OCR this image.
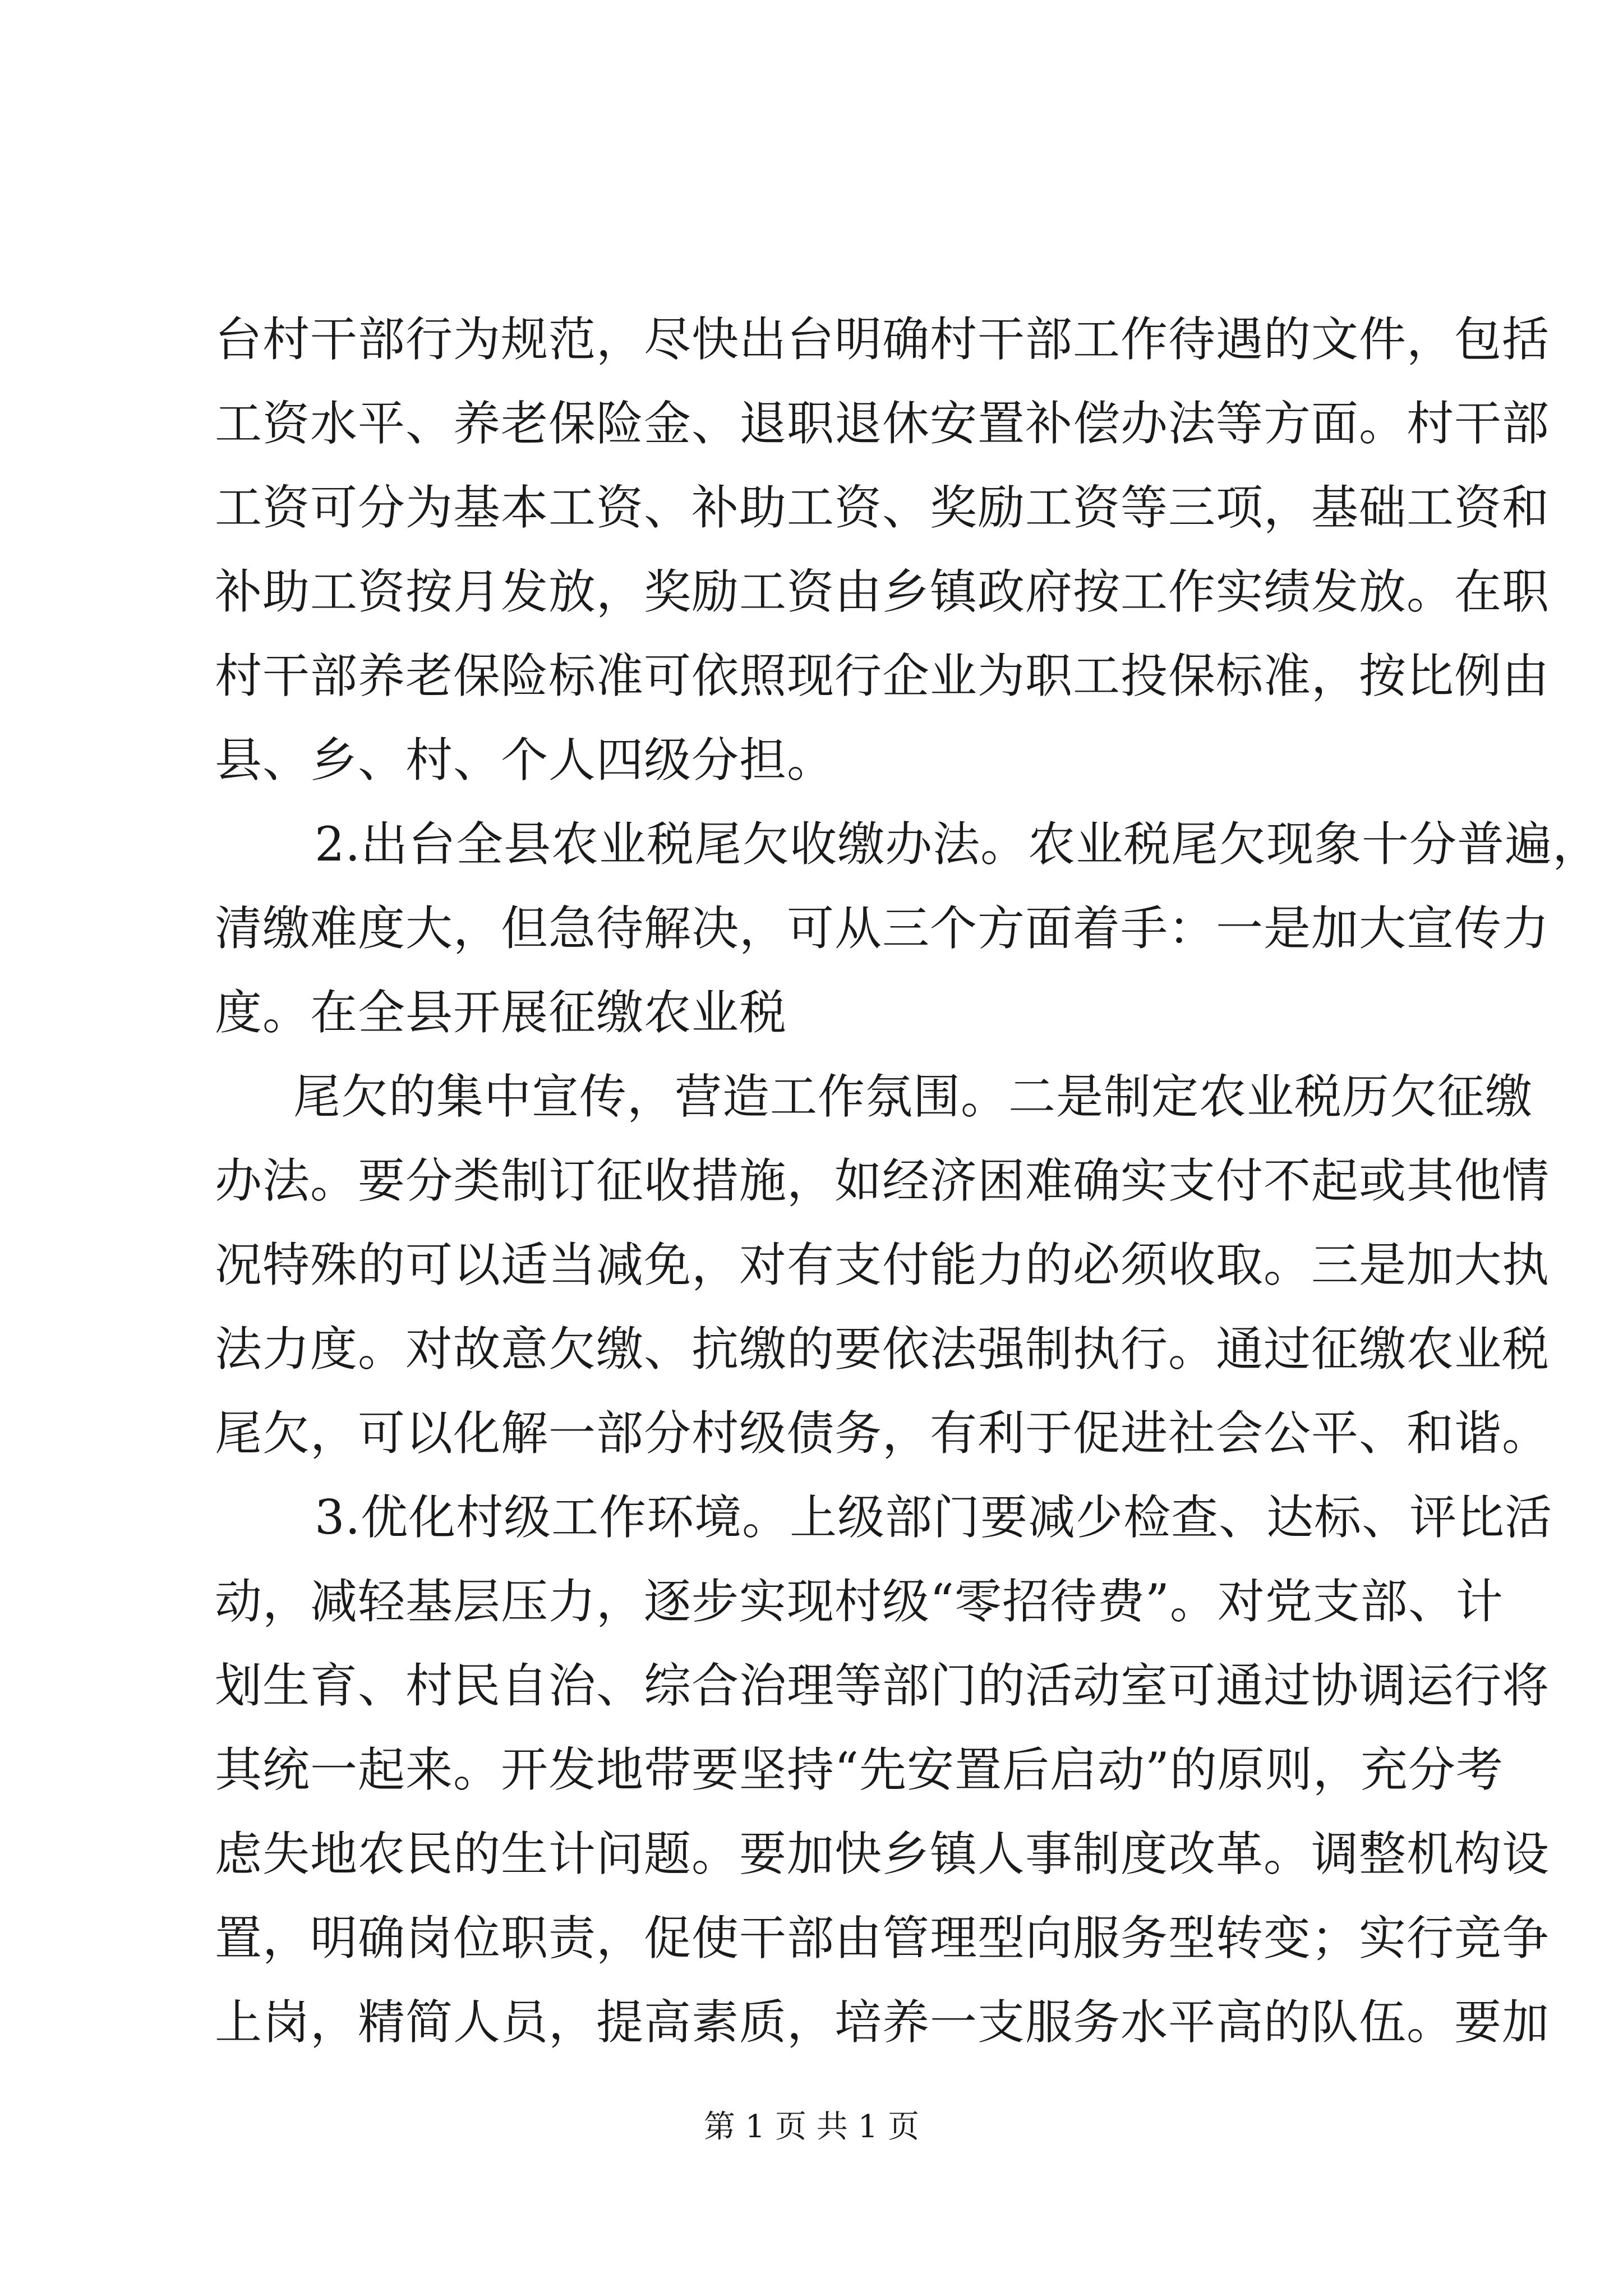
台村干部行为规范，尽快出台明确村干部工作待遇的文件，包括
工资水平、养老保险金、退职退休安置补偿办法等方面。村干部
工资可分为基本工资、补助工资、奖励工资等三项，基础工资和
补助工资按月发放，奖励工资由乡镇政府按工作实绩发放。在职
村干部养老保险标准可依照现行企业为职工投保标准，按比例由
县、乡、村、个人四级分担。
2.出台全县农业税尾欠收缴办法。农业税尾欠现象十分普遍，
清缴难度大，但急待解决，可从三个方面着手：一是加大宣传力
度。在全县开展征缴农业税
尾欠的集中宣传，营造工作氛围。二是制定农业税历欠征缴
办法。要分类制订征收措施，如经济困难确实支付不起或其他情
况特殊的可以适当减免，对有支付能力的必须收取。三是加大执
法力度。对故意欠缴、抗缴的要依法强制执行。通过征缴农业税
尾欠，可以化解一部分村级债务，有利于促进社会公平、和谐。
3.优化村级工作环境。上级部门要减少检查、达标、评比活
动，减轻基层压力，逐步实现村级“零招待费”。对党支部、计
划生育、村民自治、综合治理等部门的活动室可通过协调运行将
其统一起来。开发地带要坚持“先安置后启动”的原则，充分考
虑失地农民的生计问题。要加快乡镇人事制度改革。调整机构设
置，明确岗位职责，促使干部由管理型向服务型转变；实行竞争
上岗，精简人员，提高素质，培养一支服务水平高的队伍。要加
第 1 页 共 1 页
